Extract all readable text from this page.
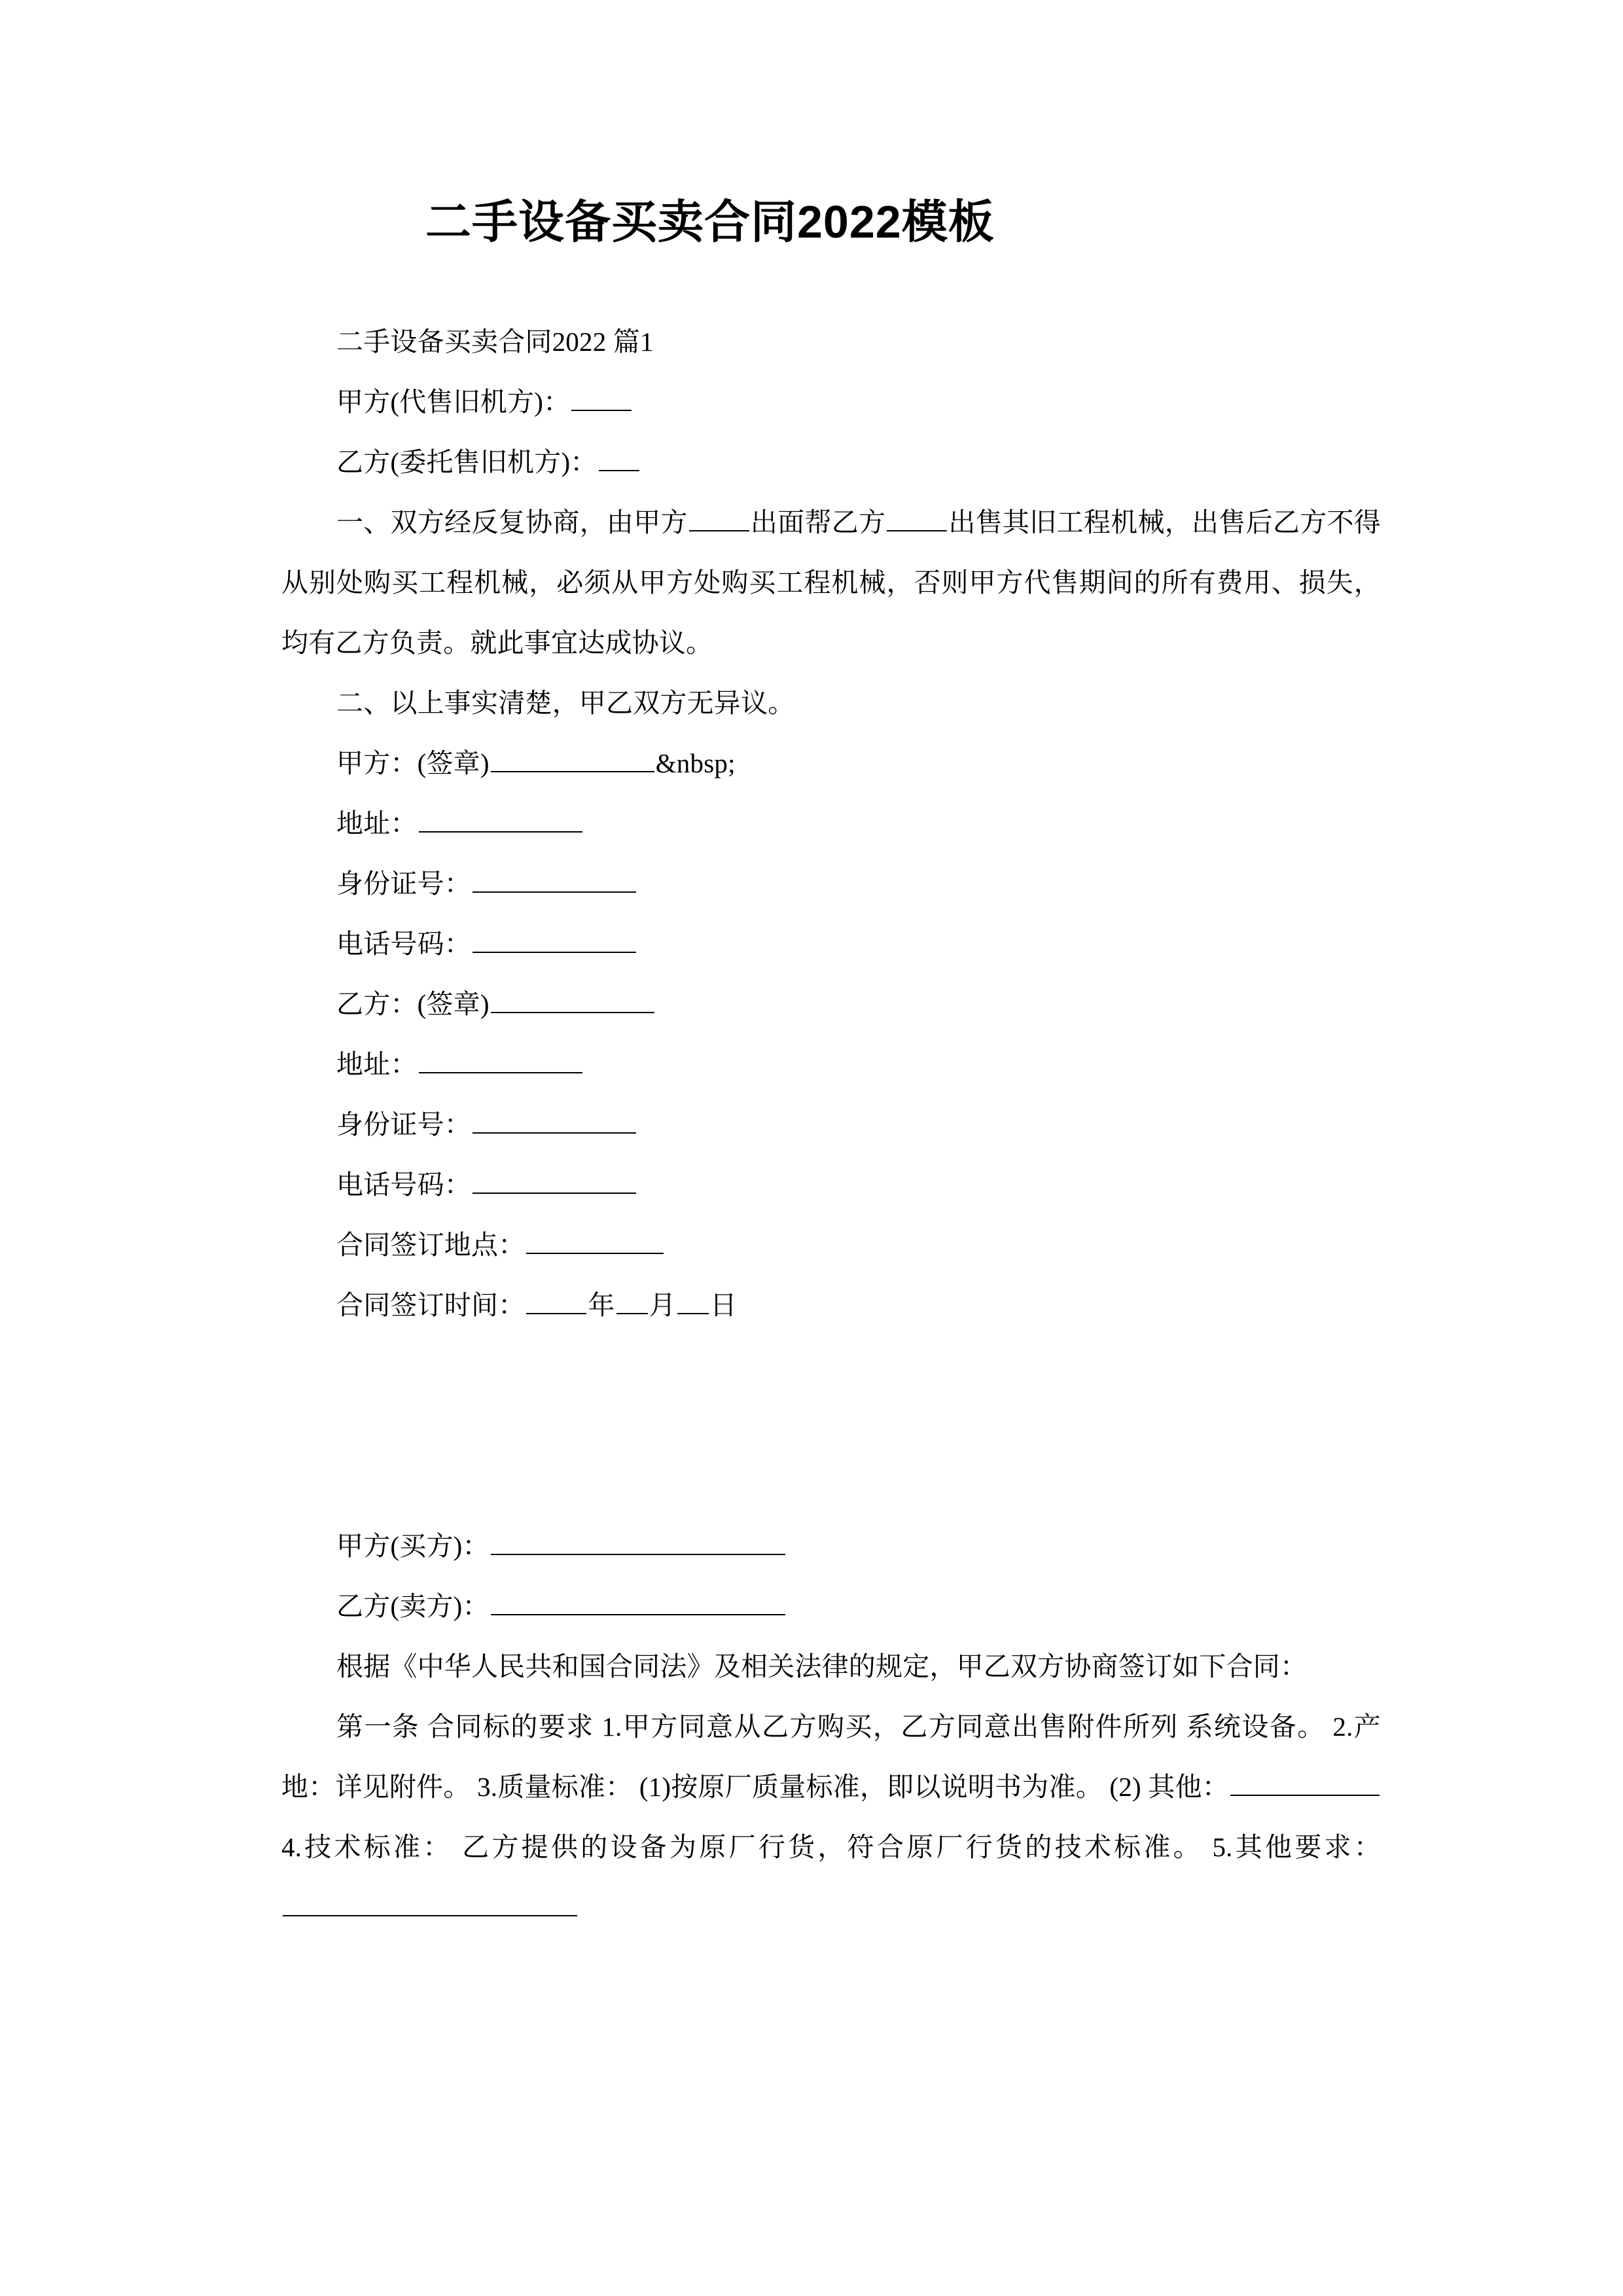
二手设备买卖合同2022模板

二手设备买卖合同2022 篇1

甲方(代售旧机方)：

乙方(委托售旧机方)：

一、双方经反复协商，由甲方 出面帮乙方 出售其旧工程机械，出售后乙方不得从别处购买工程机械，必须从甲方处购买工程机械，否则甲方代售期间的所有费用、损失，均有乙方负责。就此事宜达成协议。

二、以上事实清楚，甲乙双方无异议。

甲方：(签章)	&nbsp;

地址：

身份证号：

电话号码：

乙方：(签章)

地址：

身份证号：

电话号码：

合同签订地点：

合同签订时间： 年 月 日

甲方(买方)：

乙方(卖方)：

根据《中华人民共和国合同法》及相关法律的规定，甲乙双方协商签订如下合同：

第一条 合同标的要求 1.甲方同意从乙方购买，乙方同意出售附件所列 系统设备。 2.产地：详见附件。 3.质量标准： (1)按原厂质量标准，即以说明书为准。 (2) 其他：4.技术标准： 乙方提供的设备为原厂行货，符合原厂行货的技术标准。 5.其他要求：
